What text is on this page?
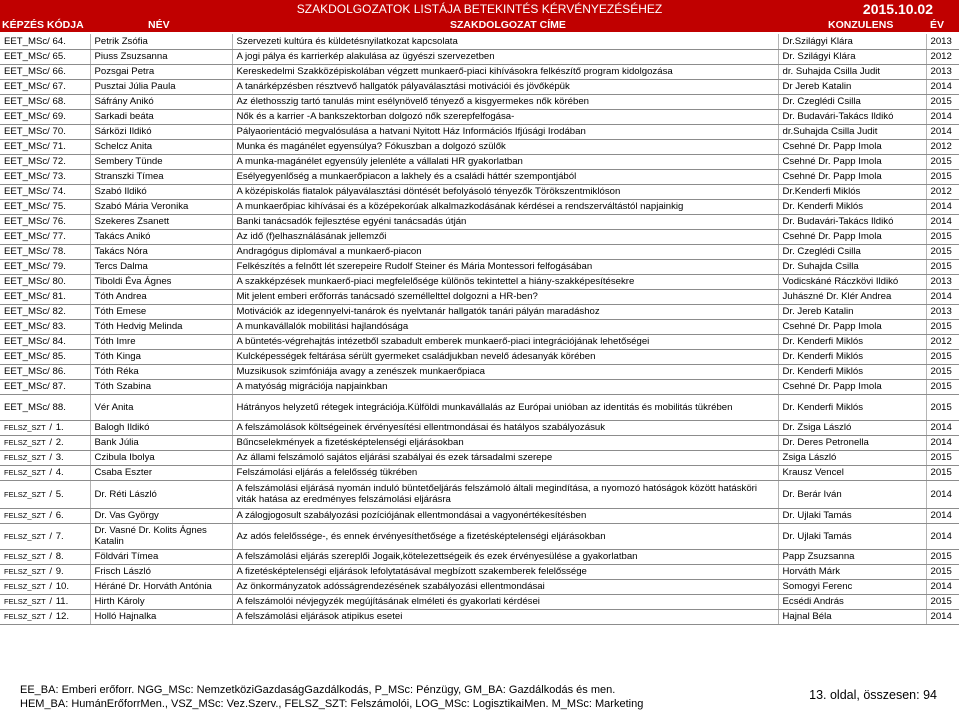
SZAKDOLGOZATOK LISTÁJA BETEKINTÉS KÉRVÉNYEZÉSÉHEZ	2015.10.02
KÉPZÉS KÓDJA	NÉV	SZAKDOLGOZAT CÍME	KONZULENS	ÉV
EET_MSc/ 64.	Petrik Zsófia	Szervezeti kultúra és küldetésnyilatkozat kapcsolata	Dr.Szilágyi Klára	2013
EET_MSc/ 65.	Piuss Zsuzsanna	A jogi pálya és karrierkép alakulása az ügyészi szervezetben	Dr. Szilágyi Klára	2012
EET_MSc/ 66.	Pozsgai Petra	Kereskedelmi Szakközépiskolában végzett munkaerő-piaci kihívásokra felkészítő program kidolgozása	dr. Suhajda Csilla Judit	2013
EET_MSc/ 67.	Pusztai Júlia Paula	A tanárképzésben résztvevő hallgatók pályaválasztási motivációi és jövőképük	Dr Jereb Katalin	2014
EET_MSc/ 68.	Sáfrány Anikó	Az élethosszig tartó tanulás mint esélynövelő tényező a kisgyermekes nők körében	Dr. Czeglédi Csilla	2015
EET_MSc/ 69.	Sarkadi beáta	Nők és a karrier -A bankszektorban dolgozó nők szerepfelfogása-	Dr. Budavári-Takács Ildikó	2014
EET_MSc/ 70.	Sárközi Ildikó	Pályaorientáció megvalósulása a hatvani Nyitott Ház Információs Ifjúsági Irodában	dr.Suhajda Csilla Judit	2014
EET_MSc/ 71.	Schelcz Anita	Munka és magánélet egyensúlya? Fókuszban a dolgozó szülők	Csehné Dr. Papp Imola	2012
EET_MSc/ 72.	Sembery Tünde	A munka-magánélet egyensúly jelenléte a vállalati HR gyakorlatban	Csehné Dr. Papp Imola	2015
EET_MSc/ 73.	Stranszki Tímea	Esélyegyenlőség a munkaerőpiacon a lakhely és a családi háttér szempontjából	Csehné Dr. Papp Imola	2015
EET_MSc/ 74.	Szabó Ildikó	A középiskolás fiatalok pályaválasztási döntését befolyásoló tényezők Törökszentmiklóson	Dr.Kenderfi Miklós	2012
EET_MSc/ 75.	Szabó Mária Veronika	A munkaerőpiac kihívásai és a középekorúak alkalmazkodásának kérdései a rendszerváltástól napjainkig	Dr. Kenderfi Miklós	2014
EET_MSc/ 76.	Szekeres Zsanett	Banki tanácsadók fejlesztése egyéni tanácsadás útján	Dr. Budavári-Takács Ildikó	2014
EET_MSc/ 77.	Takács Anikó	Az idő (f)elhasználásának jellemzői	Csehné Dr. Papp Imola	2015
EET_MSc/ 78.	Takács Nóra	Andragógus diplomával a munkaerő-piacon	Dr. Czeglédi Csilla	2015
EET_MSc/ 79.	Tercs Dalma	Felkészítés a felnőtt lét szerepeire Rudolf Steiner és Mária Montessori felfogásában	Dr. Suhajda Csilla	2015
EET_MSc/ 80.	Tiboldi Éva Ágnes	A szakképzések munkaerő-piaci megfelelősége különös tekintettel a hiány-szakképesítésekre	Vodicskáné Ráczkövi Ildikó	2013
EET_MSc/ 81.	Tóth Andrea	Mit jelent emberi erőforrás tanácsadó személlelttel dolgozni a HR-ben?	Juhászné Dr. Klér Andrea	2014
EET_MSc/ 82.	Tóth Emese	Motivációk az idegennyelvi-tanárok és nyelvtanár hallgatók tanári pályán maradáshoz	Dr. Jereb Katalin	2013
EET_MSc/ 83.	Tóth Hedvig Melinda	A munkavállalók mobilitási hajlandósága	Csehné Dr. Papp Imola	2015
EET_MSc/ 84.	Tóth Imre	A büntetés-végrehajtás intézetből szabadult emberek munkaerő-piaci integrációjának lehetőségei	Dr. Kenderfi Miklós	2012
EET_MSc/ 85.	Tóth Kinga	Kulcképességek feltárása sérült gyermeket családjukban nevelő ádesanyák körében	Dr. Kenderfi Miklós	2015
EET_MSc/ 86.	Tóth Réka	Muzsikusok szimfóniája avagy a zenészek munkaerőpiaca	Dr. Kenderfi Miklós	2015
EET_MSc/ 87.	Tóth Szabina	A matyóság migrációja napjainkban	Csehné Dr. Papp Imola	2015
EET_MSc/ 88.	Vér Anita	Hátrányos helyzetű rétegek integrációja.Külföldi munkavállalás az Európai unióban az identitás és mobilitás tükrében	Dr. Kenderfi Miklós	2015
FELSZ_SZT / 1.	Balogh Ildikó	A felszámolások költségeinek érvényesítési ellentmondásai és hatályos szabályozásuk	Dr. Zsiga László	2014
FELSZ_SZT / 2.	Bank Júlia	Bűncselekmények a fizetésképtelenségi eljárásokban	Dr. Deres Petronella	2014
FELSZ_SZT / 3.	Czibula Ibolya	Az állami felszámoló sajátos eljárási szabályai és ezek társadalmi szerepe	Zsiga László	2015
FELSZ_SZT / 4.	Csaba Eszter	Felszámolási eljárás a felelősség tükrében	Krausz Vencel	2015
FELSZ_SZT / 5.	Dr. Réti László	A felszámolási eljárásá nyomán induló büntetőeljárás felszámoló általi megindítása, a nyomozó hatóságok között hatásköri viták hatása az eredményes felszámolási eljárásra	Dr. Berár Iván	2014
FELSZ_SZT / 6.	Dr. Vas György	A zálogjogosult szabályozási pozíciójának ellentmondásai a vagyonértékesítésben	Dr. Ujlaki Tamás	2014
FELSZ_SZT / 7.	Dr. Vasné Dr. Kolits Ágnes Katalin	Az adós felelőssége-, és ennek érvényesíthetősége a fizetésképtelenségi eljárásokban	Dr. Ujlaki Tamás	2014
FELSZ_SZT / 8.	Földvári Tímea	A felszámolási eljárás szereplői Jogaik,kötelezettségeik és ezek érvényesülése a gyakorlatban	Papp Zsuzsanna	2015
FELSZ_SZT / 9.	Frisch László	A fizetésképtelenségi eljárások lefolytatásával megbízott szakemberek felelőssége	Horváth Márk	2015
FELSZ_SZT / 10.	Héráné Dr. Horváth Antónia	Az önkormányzatok adósságrendezésének szabályozási ellentmondásai	Somogyi Ferenc	2014
FELSZ_SZT / 11.	Hirth Károly	A felszámolói névjegyzék megújításának elméleti és gyakorlati kérdései	Ecsédi András	2015
FELSZ_SZT / 12.	Holló Hajnalka	A felszámolási eljárások atipikus esetei	Hajnal Béla	2014
EE_BA: Emberi erőforr. NGG_MSc: NemzetköziGazdaságGazdálkodás, P_MSc: Pénzügy, GM_BA: Gazdálkodás és men.
HEM_BA: HumánErőforrMen., VSZ_MSc: Vez.Szerv., FELSZ_SZT: Felszámolói, LOG_MSc: LogisztikaiMen. M_MSc: Marketing
13. oldal, összesen: 94
